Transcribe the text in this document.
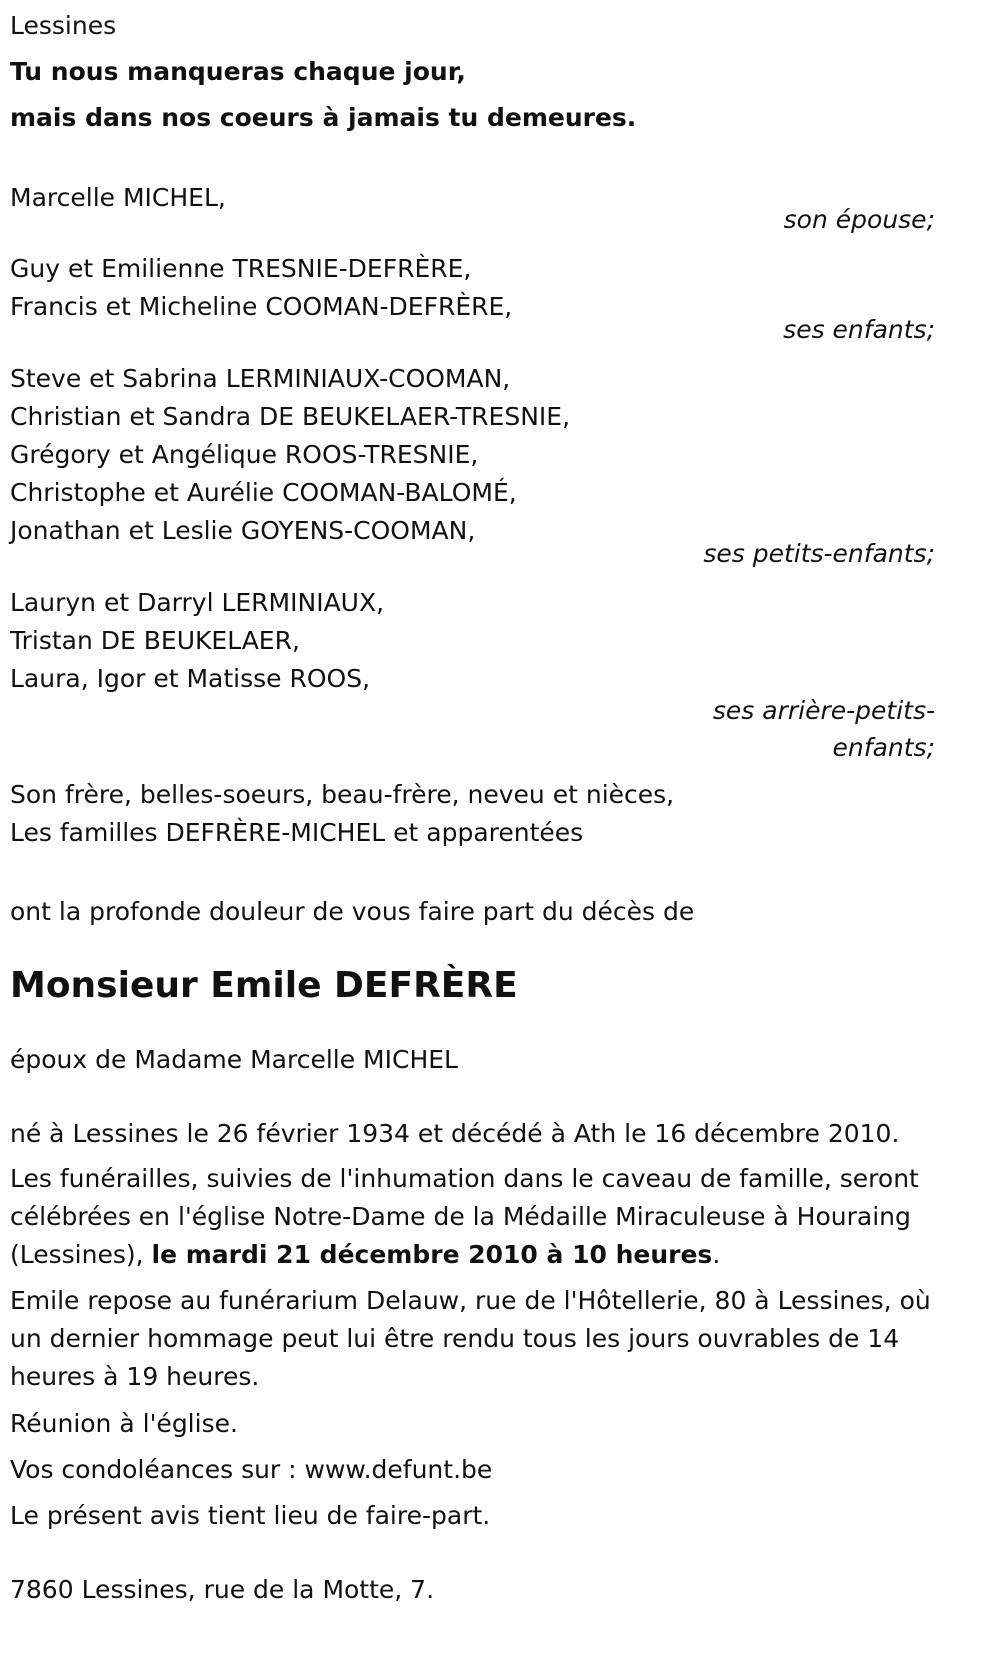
Lessines
Tu nous manqueras chaque jour,
mais dans nos coeurs à jamais tu demeures.
Marcelle MICHEL,
son épouse;
Guy et Emilienne TRESNIE-DEFRÈRE,
Francis et Micheline COOMAN-DEFRÈRE,
ses enfants;
Steve et Sabrina LERMINIAUX-COOMAN,
Christian et Sandra DE BEUKELAER-TRESNIE,
Grégory et Angélique ROOS-TRESNIE,
Christophe et Aurélie COOMAN-BALOMÉ,
Jonathan et Leslie GOYENS-COOMAN,
ses petits-enfants;
Lauryn et Darryl LERMINIAUX,
Tristan DE BEUKELAER,
Laura, Igor et Matisse ROOS,
ses arrière-petits-
enfants;
Son frère, belles-soeurs, beau-frère, neveu et nièces,
Les familles DEFRÈRE-MICHEL et apparentées
ont la profonde douleur de vous faire part du décès de

Monsieur Emile DEFRÈRE

époux de Madame Marcelle MICHEL
né à Lessines le 26 février 1934 et décédé à Ath le 16 décembre 2010.

Les funérailles, suivies de l'inhumation dans le caveau de famille, seront célébrées en l'église Notre-Dame de la Médaille Miraculeuse à Houraing (Lessines), le mardi 21 décembre 2010 à 10 heures.

Emile repose au funérarium Delauw, rue de l'Hôtellerie, 80 à Lessines, où un dernier hommage peut lui être rendu tous les jours ouvrables de 14 heures à 19 heures.

Réunion à l'église.
Vos condoléances sur : www.defunt.be
Le présent avis tient lieu de faire-part.
7860 Lessines, rue de la Motte, 7.
